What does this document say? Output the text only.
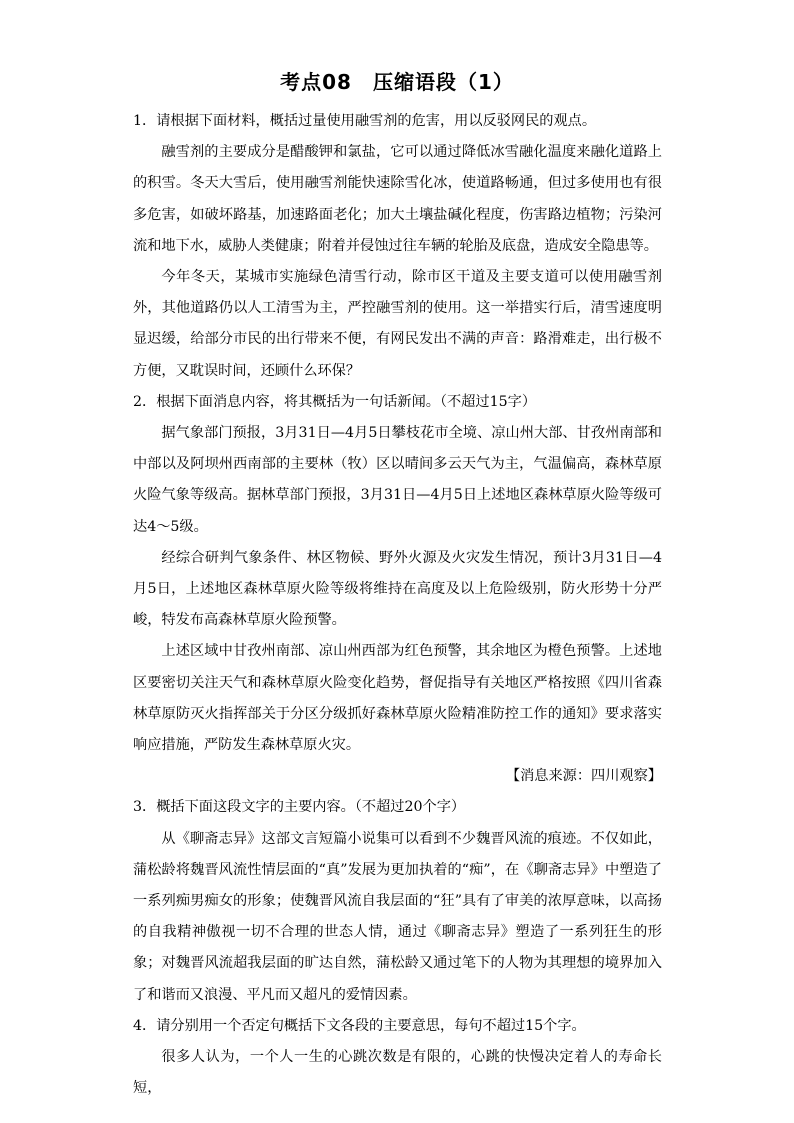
考点08　压缩语段（1）

1．请根据下面材料，概括过量使用融雪剂的危害，用以反驳网民的观点。

融雪剂的主要成分是醋酸钾和氯盐，它可以通过降低冰雪融化温度来融化道路上的积雪。冬天大雪后，使用融雪剂能快速除雪化冰，使道路畅通，但过多使用也有很多危害，如破坏路基，加速路面老化；加大土壤盐碱化程度，伤害路边植物；污染河流和地下水，威胁人类健康；附着并侵蚀过往车辆的轮胎及底盘，造成安全隐患等。

今年冬天，某城市实施绿色清雪行动，除市区干道及主要支道可以使用融雪剂外，其他道路仍以人工清雪为主，严控融雪剂的使用。这一举措实行后，清雪速度明显迟缓，给部分市民的出行带来不便，有网民发出不满的声音：路滑难走，出行极不方便，又耽误时间，还顾什么环保？

2．根据下面消息内容，将其概括为一句话新闻。（不超过15字）

据气象部门预报，3月31日—4月5日攀枝花市全境、凉山州大部、甘孜州南部和中部以及阿坝州西南部的主要林（牧）区以晴间多云天气为主，气温偏高，森林草原火险气象等级高。据林草部门预报，3月31日—4月5日上述地区森林草原火险等级可达4～5级。

经综合研判气象条件、林区物候、野外火源及火灾发生情况，预计3月31日—4月5日，上述地区森林草原火险等级将维持在高度及以上危险级别，防火形势十分严峻，特发布高森林草原火险预警。

上述区域中甘孜州南部、凉山州西部为红色预警，其余地区为橙色预警。上述地区要密切关注天气和森林草原火险变化趋势，督促指导有关地区严格按照《四川省森林草原防灭火指挥部关于分区分级抓好森林草原火险精准防控工作的通知》要求落实响应措施，严防发生森林草原火灾。

【消息来源：四川观察】

3．概括下面这段文字的主要内容。（不超过20个字）

从《聊斋志异》这部文言短篇小说集可以看到不少魏晋风流的痕迹。不仅如此，蒲松龄将魏晋风流性情层面的“真”发展为更加执着的“痴”，在《聊斋志异》中塑造了一系列痴男痴女的形象；使魏晋风流自我层面的“狂”具有了审美的浓厚意味，以高扬的自我精神傲视一切不合理的世态人情，通过《聊斋志异》塑造了一系列狂生的形象；对魏晋风流超我层面的旷达自然，蒲松龄又通过笔下的人物为其理想的境界加入了和谐而又浪漫、平凡而又超凡的爱情因素。

4．请分别用一个否定句概括下文各段的主要意思，每句不超过15个字。

很多人认为，一个人一生的心跳次数是有限的，心跳的快慢决定着人的寿命长短，
